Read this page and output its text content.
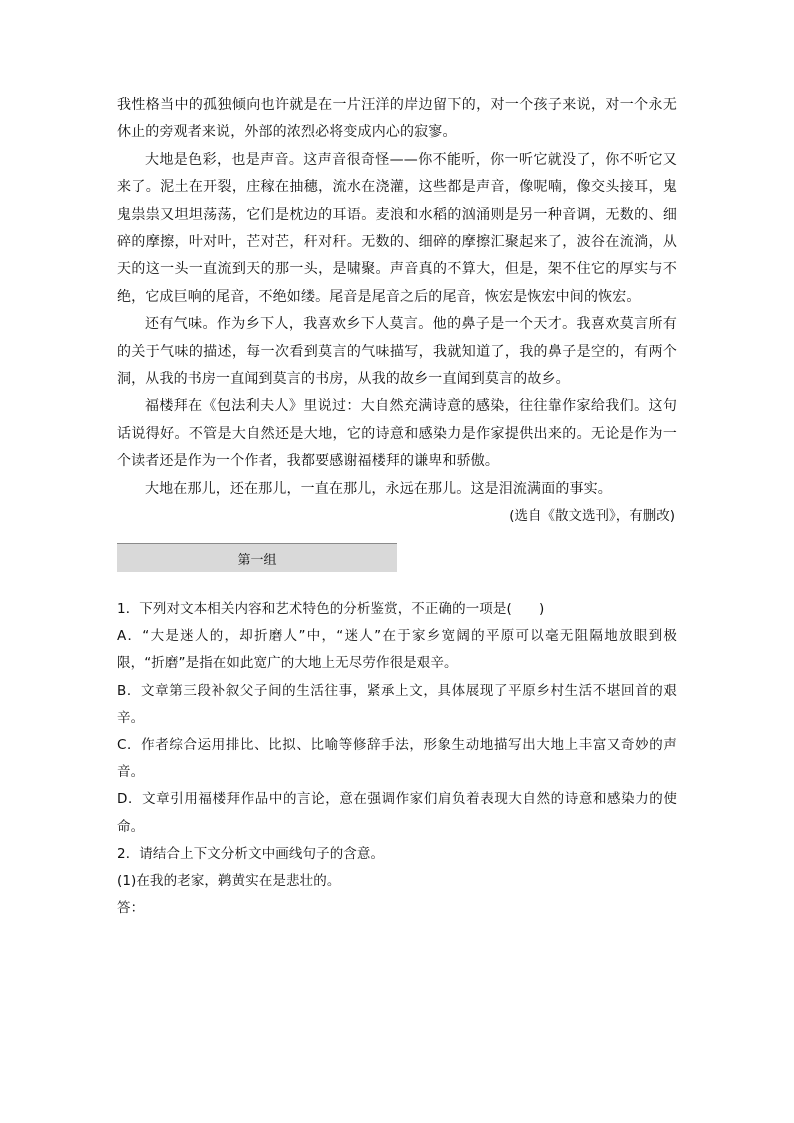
我性格当中的孤独倾向也许就是在一片汪洋的岸边留下的，对一个孩子来说，对一个永无休止的旁观者来说，外部的浓烈必将变成内心的寂寥。

大地是色彩，也是声音。这声音很奇怪——你不能听，你一听它就没了，你不听它又来了。泥土在开裂，庄稼在抽穗，流水在浇灌，这些都是声音，像呢喃，像交头接耳，鬼鬼祟祟又坦坦荡荡，它们是枕边的耳语。麦浪和水稻的汹涌则是另一种音调，无数的、细碎的摩擦，叶对叶，芒对芒，秆对秆。无数的、细碎的摩擦汇聚起来了，波谷在流淌，从天的这一头一直流到天的那一头，是啸聚。声音真的不算大，但是，架不住它的厚实与不绝，它成巨响的尾音，不绝如缕。尾音是尾音之后的尾音，恢宏是恢宏中间的恢宏。

还有气味。作为乡下人，我喜欢乡下人莫言。他的鼻子是一个天才。我喜欢莫言所有的关于气味的描述，每一次看到莫言的气味描写，我就知道了，我的鼻子是空的，有两个洞，从我的书房一直闻到莫言的书房，从我的故乡一直闻到莫言的故乡。

福楼拜在《包法利夫人》里说过：大自然充满诗意的感染，往往靠作家给我们。这句话说得好。不管是大自然还是大地，它的诗意和感染力是作家提供出来的。无论是作为一个读者还是作为一个作者，我都要感谢福楼拜的谦卑和骄傲。

大地在那儿，还在那儿，一直在那儿，永远在那儿。这是泪流满面的事实。

(选自《散文选刊》，有删改)

第一组

1．下列对文本相关内容和艺术特色的分析鉴赏，不正确的一项是(　　)

A．“大是迷人的，却折磨人”中，“迷人”在于家乡宽阔的平原可以毫无阻隔地放眼到极限，“折磨”是指在如此宽广的大地上无尽劳作很是艰辛。

B．文章第三段补叙父子间的生活往事，紧承上文，具体展现了平原乡村生活不堪回首的艰辛。

C．作者综合运用排比、比拟、比喻等修辞手法，形象生动地描写出大地上丰富又奇妙的声音。

D．文章引用福楼拜作品中的言论，意在强调作家们肩负着表现大自然的诗意和感染力的使命。

2．请结合上下文分析文中画线句子的含意。

(1)在我的老家，鹈黄实在是悲壮的。

答：
